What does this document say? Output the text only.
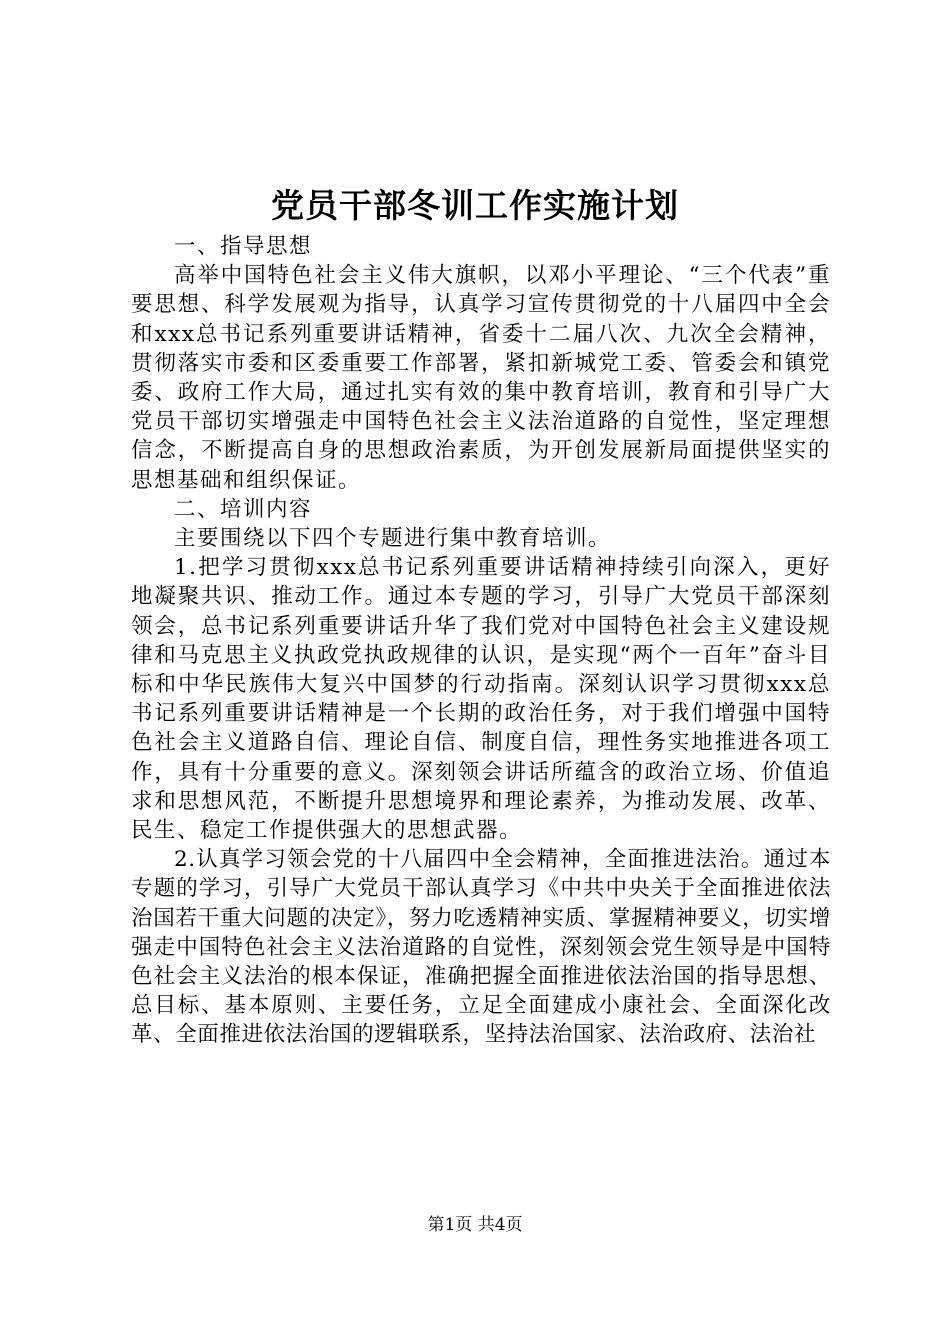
党员干部冬训工作实施计划

一、指导思想

高举中国特色社会主义伟大旗帜，以邓小平理论、“三个代表”重要思想、科学发展观为指导，认真学习宣传贯彻党的十八届四中全会和xxx总书记系列重要讲话精神，省委十二届八次、九次全会精神，贯彻落实市委和区委重要工作部署，紧扣新城党工委、管委会和镇党委、政府工作大局，通过扎实有效的集中教育培训，教育和引导广大党员干部切实增强走中国特色社会主义法治道路的自觉性，坚定理想信念，不断提高自身的思想政治素质，为开创发展新局面提供坚实的思想基础和组织保证。

二、培训内容

主要围绕以下四个专题进行集中教育培训。

1.把学习贯彻xxx总书记系列重要讲话精神持续引向深入，更好地凝聚共识、推动工作。通过本专题的学习，引导广大党员干部深刻领会，总书记系列重要讲话升华了我们党对中国特色社会主义建设规律和马克思主义执政党执政规律的认识，是实现“两个一百年”奋斗目标和中华民族伟大复兴中国梦的行动指南。深刻认识学习贯彻xxx总书记系列重要讲话精神是一个长期的政治任务，对于我们增强中国特色社会主义道路自信、理论自信、制度自信，理性务实地推进各项工作，具有十分重要的意义。深刻领会讲话所蕴含的政治立场、价值追求和思想风范，不断提升思想境界和理论素养，为推动发展、改革、民生、稳定工作提供强大的思想武器。

2.认真学习领会党的十八届四中全会精神，全面推进法治。通过本专题的学习，引导广大党员干部认真学习《中共中央关于全面推进依法治国若干重大问题的决定》，努力吃透精神实质、掌握精神要义，切实增强走中国特色社会主义法治道路的自觉性，深刻领会党生领导是中国特色社会主义法治的根本保证，准确把握全面推进依法治国的指导思想、总目标、基本原则、主要任务，立足全面建成小康社会、全面深化改革、全面推进依法治国的逻辑联系，坚持法治国家、法治政府、法治社

第1页 共4页
